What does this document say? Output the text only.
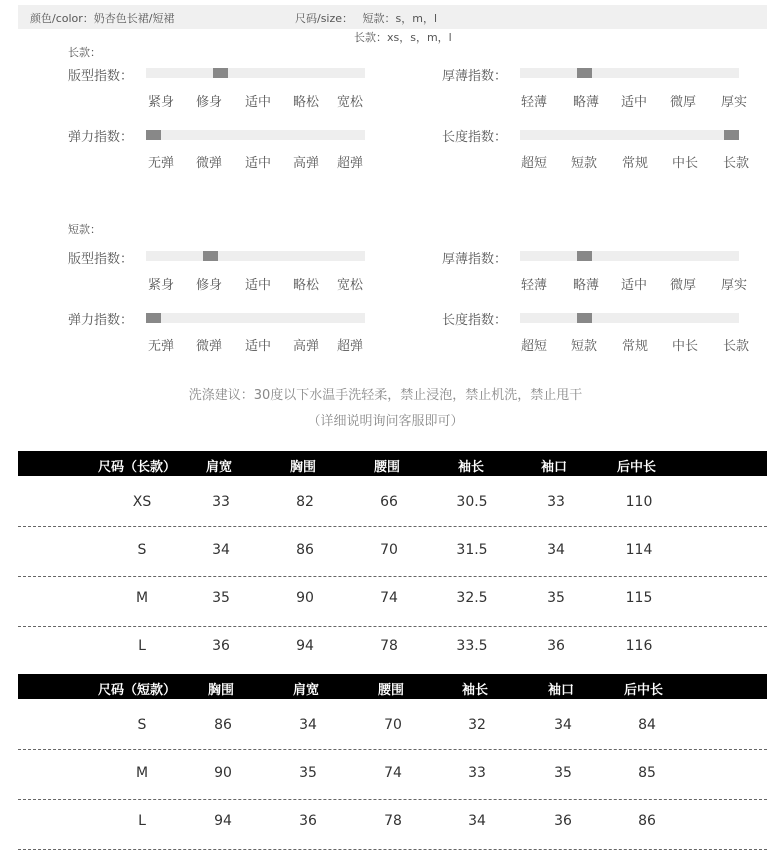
颜色/color：奶杏色长裙/短裙	尺码/size： 短款：s，m，l
长款：xs，s，m，l
长款：
版型指数：
紧身 修身 适中 略松 宽松
厚薄指数：
轻薄 略薄 适中 微厚 厚实
弹力指数：
无弹 微弹 适中 高弹 超弹
长度指数：
超短 短款 常规 中长 长款
短款：
版型指数：
紧身 修身 适中 略松 宽松
厚薄指数：
轻薄 略薄 适中 微厚 厚实
弹力指数：
无弹 微弹 适中 高弹 超弹
长度指数：
超短 短款 常规 中长 长款
洗涤建议：30度以下水温手洗轻柔，禁止浸泡，禁止机洗，禁止甩干
（详细说明询问客服即可）
尺码（长款） 肩宽	胸围	腰围	袖长	袖口	后中长
XS	33	82	66	30.5	33	110
S	34	86	70	31.5	34	114
M	35	90	74	32.5	35	115
L	36	94	78	33.5	36	116
尺码（短款） 胸围	肩宽	腰围	袖长	袖口	后中长
S	86	34	70	32	34	84
M	90	35	74	33	35	85
L	94	36	78	34	36	86
